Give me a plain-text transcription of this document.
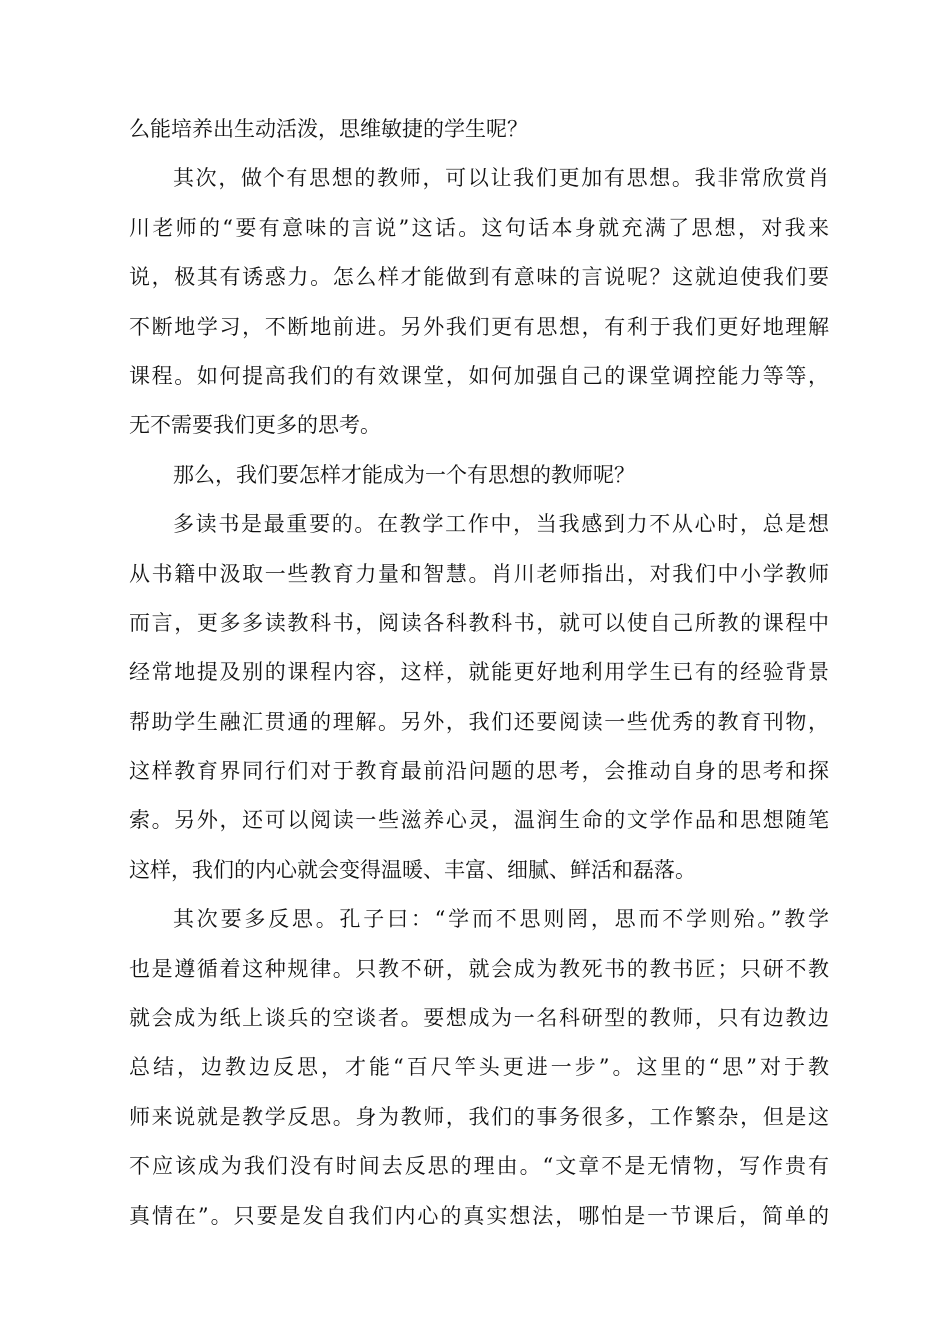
么能培养出生动活泼，思维敏捷的学生呢？
其次，做个有思想的教师，可以让我们更加有思想。我非常欣赏肖
川老师的“要有意味的言说”这话。这句话本身就充满了思想，对我来
说，极其有诱惑力。怎么样才能做到有意味的言说呢？这就迫使我们要
不断地学习，不断地前进。另外我们更有思想，有利于我们更好地理解
课程。如何提高我们的有效课堂，如何加强自己的课堂调控能力等等，
无不需要我们更多的思考。
那么，我们要怎样才能成为一个有思想的教师呢？
多读书是最重要的。在教学工作中，当我感到力不从心时，总是想
从书籍中汲取一些教育力量和智慧。肖川老师指出，对我们中小学教师
而言，更多多读教科书，阅读各科教科书，就可以使自己所教的课程中
经常地提及别的课程内容，这样，就能更好地利用学生已有的经验背景
帮助学生融汇贯通的理解。另外，我们还要阅读一些优秀的教育刊物，
这样教育界同行们对于教育最前沿问题的思考，会推动自身的思考和探
索。另外，还可以阅读一些滋养心灵，温润生命的文学作品和思想随笔
这样，我们的内心就会变得温暖、丰富、细腻、鲜活和磊落。
其次要多反思。孔子曰：“学而不思则罔，思而不学则殆。”教学
也是遵循着这种规律。只教不研，就会成为教死书的教书匠；只研不教
就会成为纸上谈兵的空谈者。要想成为一名科研型的教师，只有边教边
总结，边教边反思，才能“百尺竿头更进一步”。这里的“思”对于教
师来说就是教学反思。身为教师，我们的事务很多，工作繁杂，但是这
不应该成为我们没有时间去反思的理由。“文章不是无情物，写作贵有
真情在”。只要是发自我们内心的真实想法，哪怕是一节课后，简单的
